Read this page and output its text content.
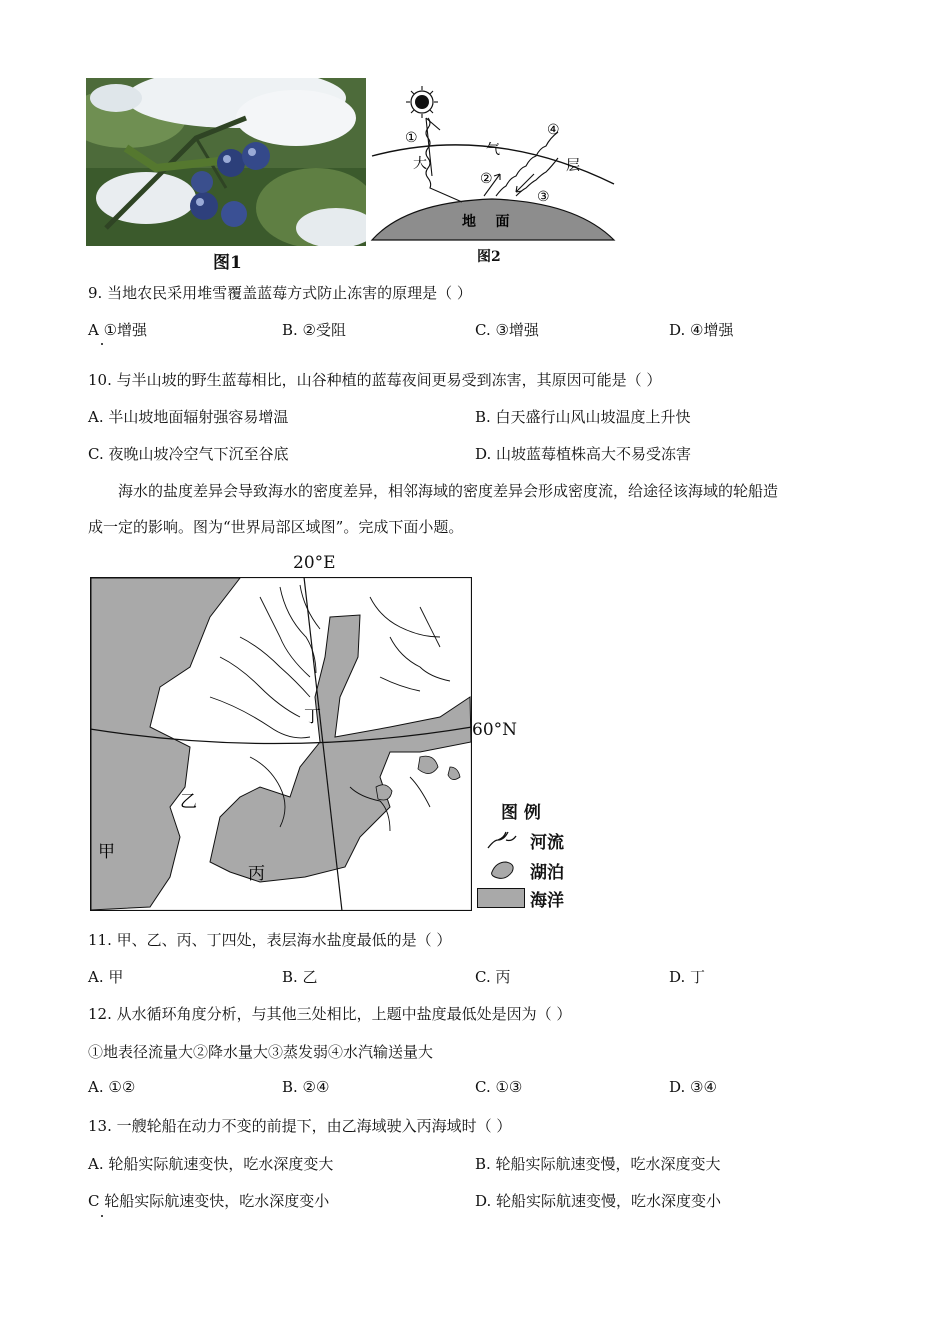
图1
①
②
③
④
大
气
层
地    面
图2
9. 当地农民采用堆雪覆盖蓝莓方式防止冻害的原理是（ ）
A ①增强	B. ②受阻	C. ③增强	D. ④增强
10. 与半山坡的野生蓝莓相比，山谷种植的蓝莓夜间更易受到冻害，其原因可能是（ ）
A. 半山坡地面辐射强容易增温	B. 白天盛行山风山坡温度上升快
C. 夜晚山坡冷空气下沉至谷底	D. 山坡蓝莓植株高大不易受冻害
海水的盐度差异会导致海水的密度差异，相邻海域的密度差异会形成密度流，给途径该海域的轮船造
成一定的影响。图为“世界局部区域图”。完成下面小题。
20°E
丁
乙
丙
甲
60°N
图 例
河流
湖泊
海洋
11. 甲、乙、丙、丁四处，表层海水盐度最低的是（ ）
A. 甲	B. 乙	C. 丙	D. 丁
12. 从水循环角度分析，与其他三处相比，上题中盐度最低处是因为（ ）
①地表径流量大②降水量大③蒸发弱④水汽输送量大
A. ①②	B. ②④	C. ①③	D. ③④
13. 一艘轮船在动力不变的前提下，由乙海域驶入丙海域时（ ）
A. 轮船实际航速变快，吃水深度变大	B. 轮船实际航速变慢，吃水深度变大
C 轮船实际航速变快，吃水深度变小	D. 轮船实际航速变慢，吃水深度变小
